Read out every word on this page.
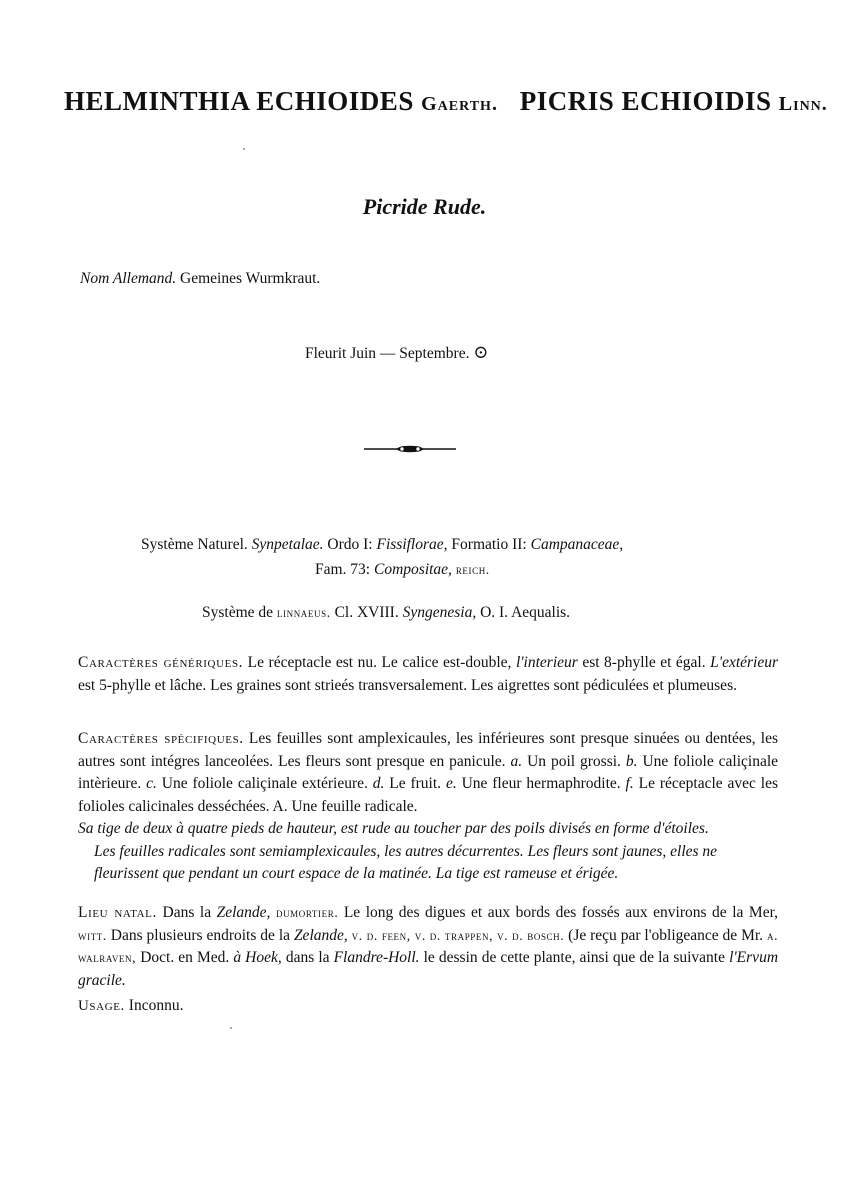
HELMINTHIA ECHIOIDES Gaerth. PICRIS ECHIOIDIS Linn.
Picride Rude.
Nom Allemand. Gemeines Wurmkraut.
Fleurit Juin — Septembre. ⊙
Système Naturel. Synpetalae. Ordo I: Fissiflorae, Formatio II: Campanaceae,
Fam. 73: Compositae, reich.
Système de linnaeus. Cl. XVIII. Syngenesia, O. I. Aequalis.
Caractères génériques. Le réceptacle est nu. Le calice est-double, l'interieur est 8-phylle et égal. L'extérieur est 5-phylle et lâche. Les graines sont strieés transversalement. Les aigrettes sont pédiculées et plumeuses.
Caractères spécifiques. Les feuilles sont amplexicaules, les inférieures sont presque sinuées ou dentées, les autres sont intégres lanceolées. Les fleurs sont presque en panicule. a. Un poil grossi. b. Une foliole caliçinale intèrieure. c. Une foliole caliçinale extérieure. d. Le fruit. e. Une fleur hermaphrodite. f. Le réceptacle avec les folioles calicinales desséchées. A. Une feuille radicale.
Sa tige de deux à quatre pieds de hauteur, est rude au toucher par des poils divisés en forme d'étoiles.
Les feuilles radicales sont semiamplexicaules, les autres décurrentes. Les fleurs sont jaunes, elles ne fleurissent que pendant un court espace de la matinée. La tige est rameuse et érigée.
Lieu natal. Dans la Zelande, dumortier. Le long des digues et aux bords des fossés aux environs de la Mer, witt. Dans plusieurs endroits de la Zelande, v. d. feen, v. d. trappen, v. d. bosch. (Je reçu par l'obligeance de Mr. a. walraven, Doct. en Med. à Hoek, dans la Flandre-Holl. le dessin de cette plante, ainsi que de la suivante l'Ervum gracile.
Usage. Inconnu.
